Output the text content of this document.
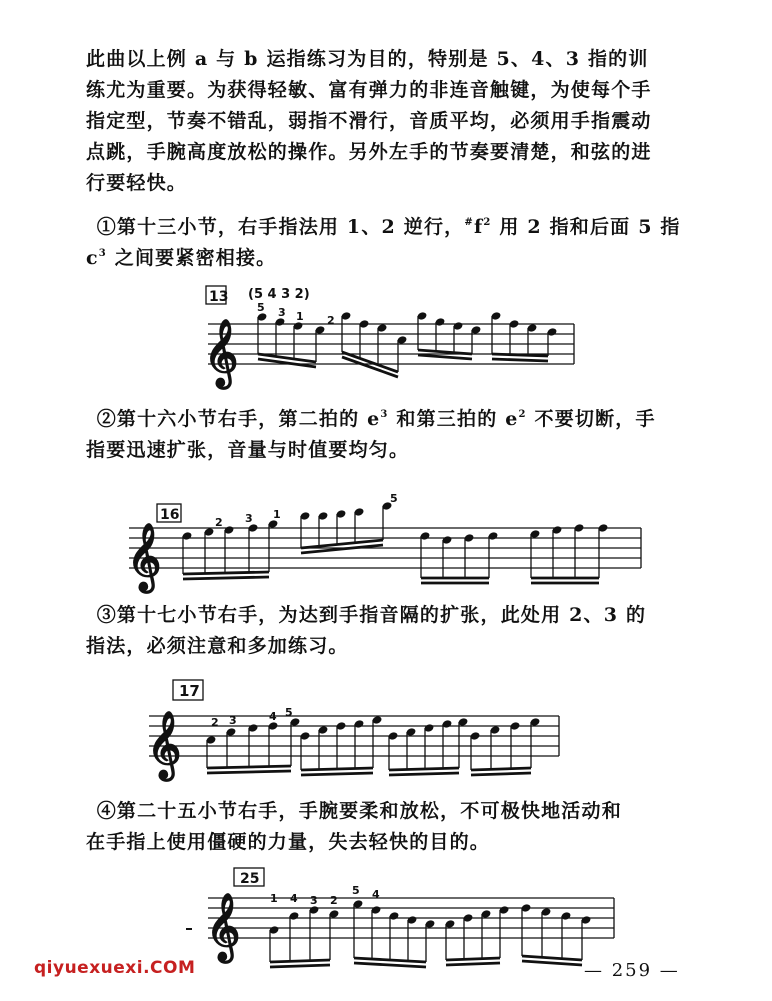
此曲以上例 a 与 b 运指练习为目的，特别是 5、4、3 指的训
练尤为重要。为获得轻敏、富有弹力的非连音触键，为使每个手
指定型，节奏不错乱，弱指不滑行，音质平均，必须用手指震动
点跳，手腕高度放松的操作。另外左手的节奏要清楚，和弦的进
行要轻快。
 ①第十三小节，右手指法用 1、2 逆行，$^{\#}f^2$ 用 2 指和后面 5 指
$c^3$ 之间要紧密相接。
𝄞
13 (5 4 3 2)
5 3 1 2
 ②第十六小节右手，第二拍的 $e^3$ 和第三拍的 $e^2$ 不要切断，手
指要迅速扩张，音量与时值要均匀。
𝄞
16	2 3 1
5
 ③第十七小节右手，为达到手指音隔的扩张，此处用 2、3 的
指法，必须注意和多加练习。
𝄞
17
2 3	4 5
 ④第二十五小节右手，手腕要柔和放松，不可极快地活动和
在手指上使用僵硬的力量，失去轻快的目的。
𝄞
25
1 4 3 2
5 4
— 259 —
qiyuexuexi.COM
